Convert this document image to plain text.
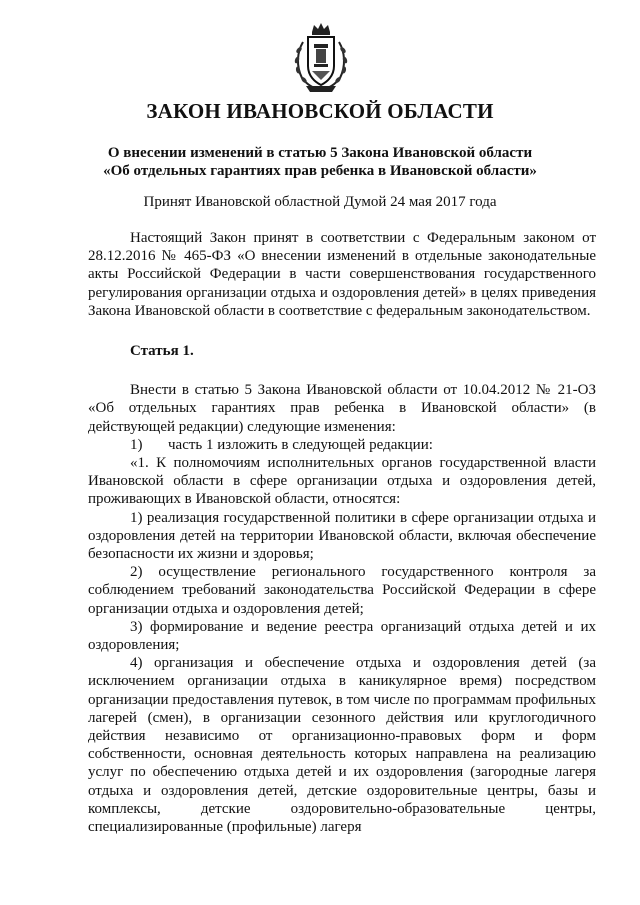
ЗАКОН ИВАНОВСКОЙ ОБЛАСТИ
О внесении изменений в статью 5 Закона Ивановской области
«Об отдельных гарантиях прав ребенка в Ивановской области»
Принят Ивановской областной Думой 24 мая 2017 года

Настоящий Закон принят в соответствии с Федеральным законом от 28.12.2016 № 465-ФЗ «О внесении изменений в отдельные законодательные акты Российской Федерации в части совершенствования государственного регулирования организации отдыха и оздоровления детей» в целях приведения Закона Ивановской области в соответствие с федеральным законодательством.

Статья 1.

Внести в статью 5 Закона Ивановской области от 10.04.2012 № 21-ОЗ «Об отдельных гарантиях прав ребенка в Ивановской области» (в действующей редакции) следующие изменения:

1) часть 1 изложить в следующей редакции:

«1. К полномочиям исполнительных органов государственной власти Ивановской области в сфере организации отдыха и оздоровления детей, проживающих в Ивановской области, относятся:

1) реализация государственной политики в сфере организации отдыха и оздоровления детей на территории Ивановской области, включая обеспечение безопасности их жизни и здоровья;

2) осуществление регионального государственного контроля за соблюдением требований законодательства Российской Федерации в сфере организации отдыха и оздоровления детей;

3) формирование и ведение реестра организаций отдыха детей и их оздоровления;

4) организация и обеспечение отдыха и оздоровления детей (за исключением организации отдыха в каникулярное время) посредством организации предоставления путевок, в том числе по программам профильных лагерей (смен), в организации сезонного действия или круглогодичного действия независимо от организационно-правовых форм и форм собственности, основная деятельность которых направлена на реализацию услуг по обеспечению отдыха детей и их оздоровления (загородные лагеря отдыха и оздоровления детей, детские оздоровительные центры, базы и комплексы, детские оздоровительно-образовательные центры, специализированные (профильные) лагеря
